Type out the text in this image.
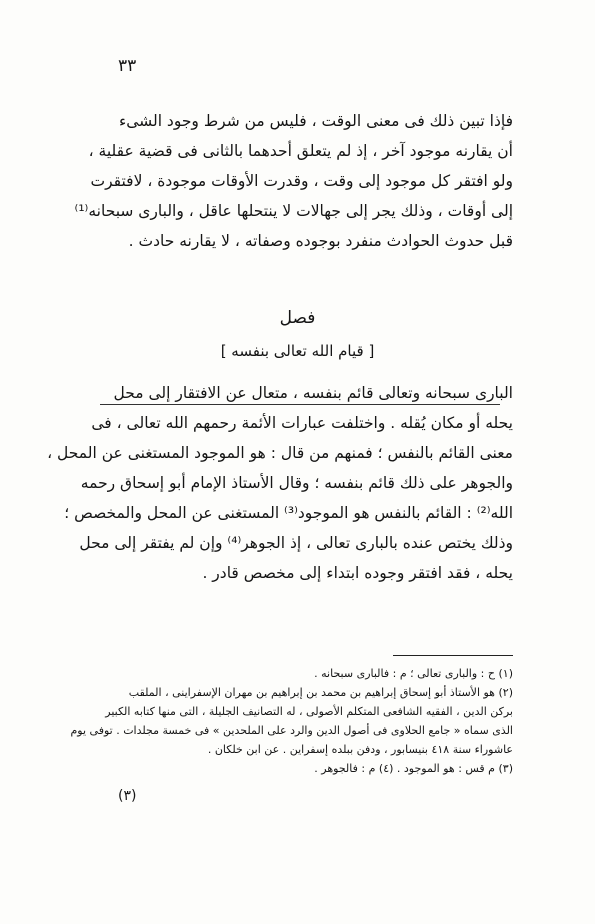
٣٣
فإذا تبين ذلك فى معنى الوقت ، فليس من شرط وجود الشىء
أن يقارنه موجود آخر ، إذ لم يتعلق أحدهما بالثانى فى قضية عقلية ،
ولو افتقر كل موجود إلى وقت ، وقدرت الأوقات موجودة ، لافتقرت
إلى أوقات ، وذلك يجر إلى جهالات لا ينتحلها عاقل ، والبارى سبحانه⁽¹⁾
قبل حدوث الحوادث منفرد بوجوده وصفاته ، لا يقارنه حادث .
فصل
[ قيام الله تعالى بنفسه ]
البارى سبحانه وتعالى قائم بنفسه ، متعال عن الافتقار إلى محل
يحله أو مكان يُقله . واختلفت عبارات الأئمة رحمهم الله تعالى ، فى
معنى القائم بالنفس ؛ فمنهم من قال : هو الموجود المستغنى عن المحل ،
والجوهر على ذلك قائم بنفسه ؛ وقال الأستاذ الإمام أبو إسحاق رحمه
الله⁽²⁾ : القائم بالنفس هو الموجود⁽³⁾ المستغنى عن المحل والمخصص ؛
وذلك يختص عنده بالبارى تعالى ، إذ الجوهر⁽⁴⁾ وإن لم يفتقر إلى محل
يحله ، فقد افتقر وجوده ابتداء إلى مخصص قادر .
(١) ح : والبارى تعالى ؛ م : فالبارى سبحانه .
(٢) هو الأستاذ أبو إسحاق إبراهيم بن محمد بن إبراهيم بن مهران الإسفراينى ، الملقب
بركن الدين ، الفقيه الشافعى المتكلم الأصولى ، له التصانيف الجليلة ، التى منها كتابه الكبير
الذى سماه « جامع الحلاوى فى أصول الدين والرد على الملحدين » فى خمسة مجلدات . توفى يوم
عاشوراء سنة ٤١٨ بنيسابور ، ودفن ببلده إسفراين . عن ابن خلكان .
(٣) م قس : هو الموجود . (٤) م : فالجوهر .
(٣)
